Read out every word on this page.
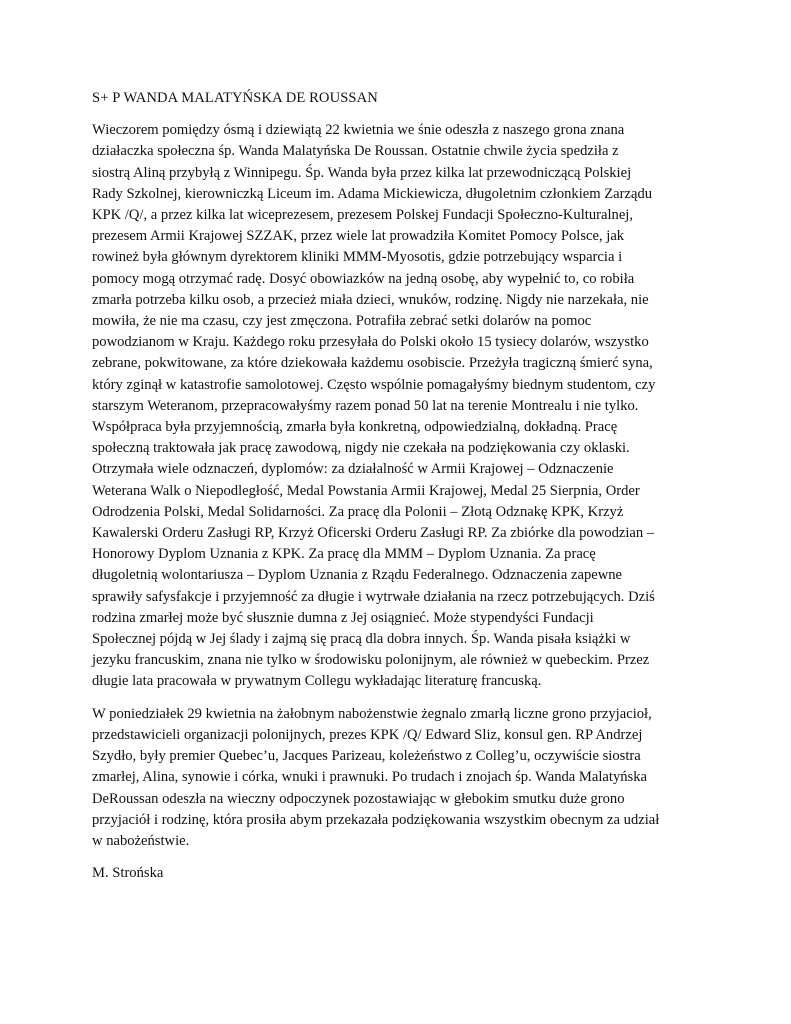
S+ P WANDA MALATYŃSKA DE ROUSSAN

Wieczorem pomiędzy ósmą i dziewiątą 22 kwietnia we śnie odeszła z naszego grona znana
działaczka społeczna śp. Wanda Malatyńska De Roussan. Ostatnie chwile życia spedziła z
siostrą Aliną przybyłą z Winnipegu. Śp. Wanda była przez kilka lat przewodniczącą Polskiej
Rady Szkolnej, kierowniczką Liceum im. Adama Mickiewicza, długoletnim członkiem Zarządu
KPK /Q/, a przez kilka lat wiceprezesem, prezesem Polskej Fundacji Społeczno-Kulturalnej,
prezesem Armii Krajowej SZZAK, przez wiele lat prowadziła Komitet Pomocy Polsce, jak
rowineż była głównym dyrektorem kliniki MMM-Myosotis, gdzie potrzebujący wsparcia i
pomocy mogą otrzymać radę. Dosyć obowiazków na jedną osobę, aby wypełnić to, co robiła
zmarła potrzeba kilku osob, a przecież miała dzieci, wnuków, rodzinę. Nigdy nie narzekała, nie
mowiła, że nie ma czasu, czy jest zmęczona. Potrafiła zebrać setki dolarów na pomoc
powodzianom w Kraju. Każdego roku przesyłała do Polski około 15 tysiecy dolarów, wszystko
zebrane, pokwitowane, za które dziekowała każdemu osobiscie. Przeżyła tragiczną śmierć syna,
który zginął w katastrofie samolotowej. Często wspólnie pomagałyśmy biednym studentom, czy
starszym Weteranom, przepracowałyśmy razem ponad 50 lat na terenie Montrealu i nie tylko.
Współpraca była przyjemnością, zmarła była konkretną, odpowiedzialną, dokładną. Pracę
społeczną traktowała jak pracę zawodową, nigdy nie czekała na podziękowania czy oklaski.
Otrzymała wiele odznaczeń, dyplomów: za działalność w Armii Krajowej – Odznaczenie
Weterana Walk o Niepodległość, Medal Powstania Armii Krajowej, Medal 25 Sierpnia, Order
Odrodzenia Polski, Medal Solidarności. Za pracę dla Polonii – Złotą Odznakę KPK, Krzyż
Kawalerski Orderu Zasługi RP, Krzyż Oficerski Orderu Zasługi RP. Za zbiórke dla powodzian –
Honorowy Dyplom Uznania z KPK. Za pracę dla MMM – Dyplom Uznania. Za pracę
długoletnią wolontariusza – Dyplom Uznania z Rządu Federalnego. Odznaczenia zapewne
sprawiły safysfakcje i przyjemność za długie i wytrwałe działania na rzecz potrzebujących. Dziś
rodzina zmarłej może być słusznie dumna z Jej osiągnieć. Może stypendyści Fundacji
Społecznej pójdą w Jej ślady i zajmą się pracą dla dobra innych. Śp. Wanda pisała książki w
jezyku francuskim, znana nie tylko w środowisku polonijnym, ale również w quebeckim. Przez
długie lata pracowała w prywatnym Collegu wykładając literaturę francuską.

W poniedziałek 29 kwietnia na żałobnym nabożenstwie żegnalo zmarłą liczne grono przyjacioł,
przedstawicieli organizacji polonijnych, prezes KPK /Q/ Edward Sliz, konsul gen. RP Andrzej
Szydło, były premier Quebec’u, Jacques Parizeau, koleżeństwo z Colleg’u, oczywiście siostra
zmarłej, Alina, synowie i córka, wnuki i prawnuki. Po trudach i znojach śp. Wanda Malatyńska
DeRoussan odeszła na wieczny odpoczynek pozostawiając w głebokim smutku duże grono
przyjaciół i rodzinę, która prosiła abym przekazała podziękowania wszystkim obecnym za udział
w nabożeństwie.

M. Strońska
